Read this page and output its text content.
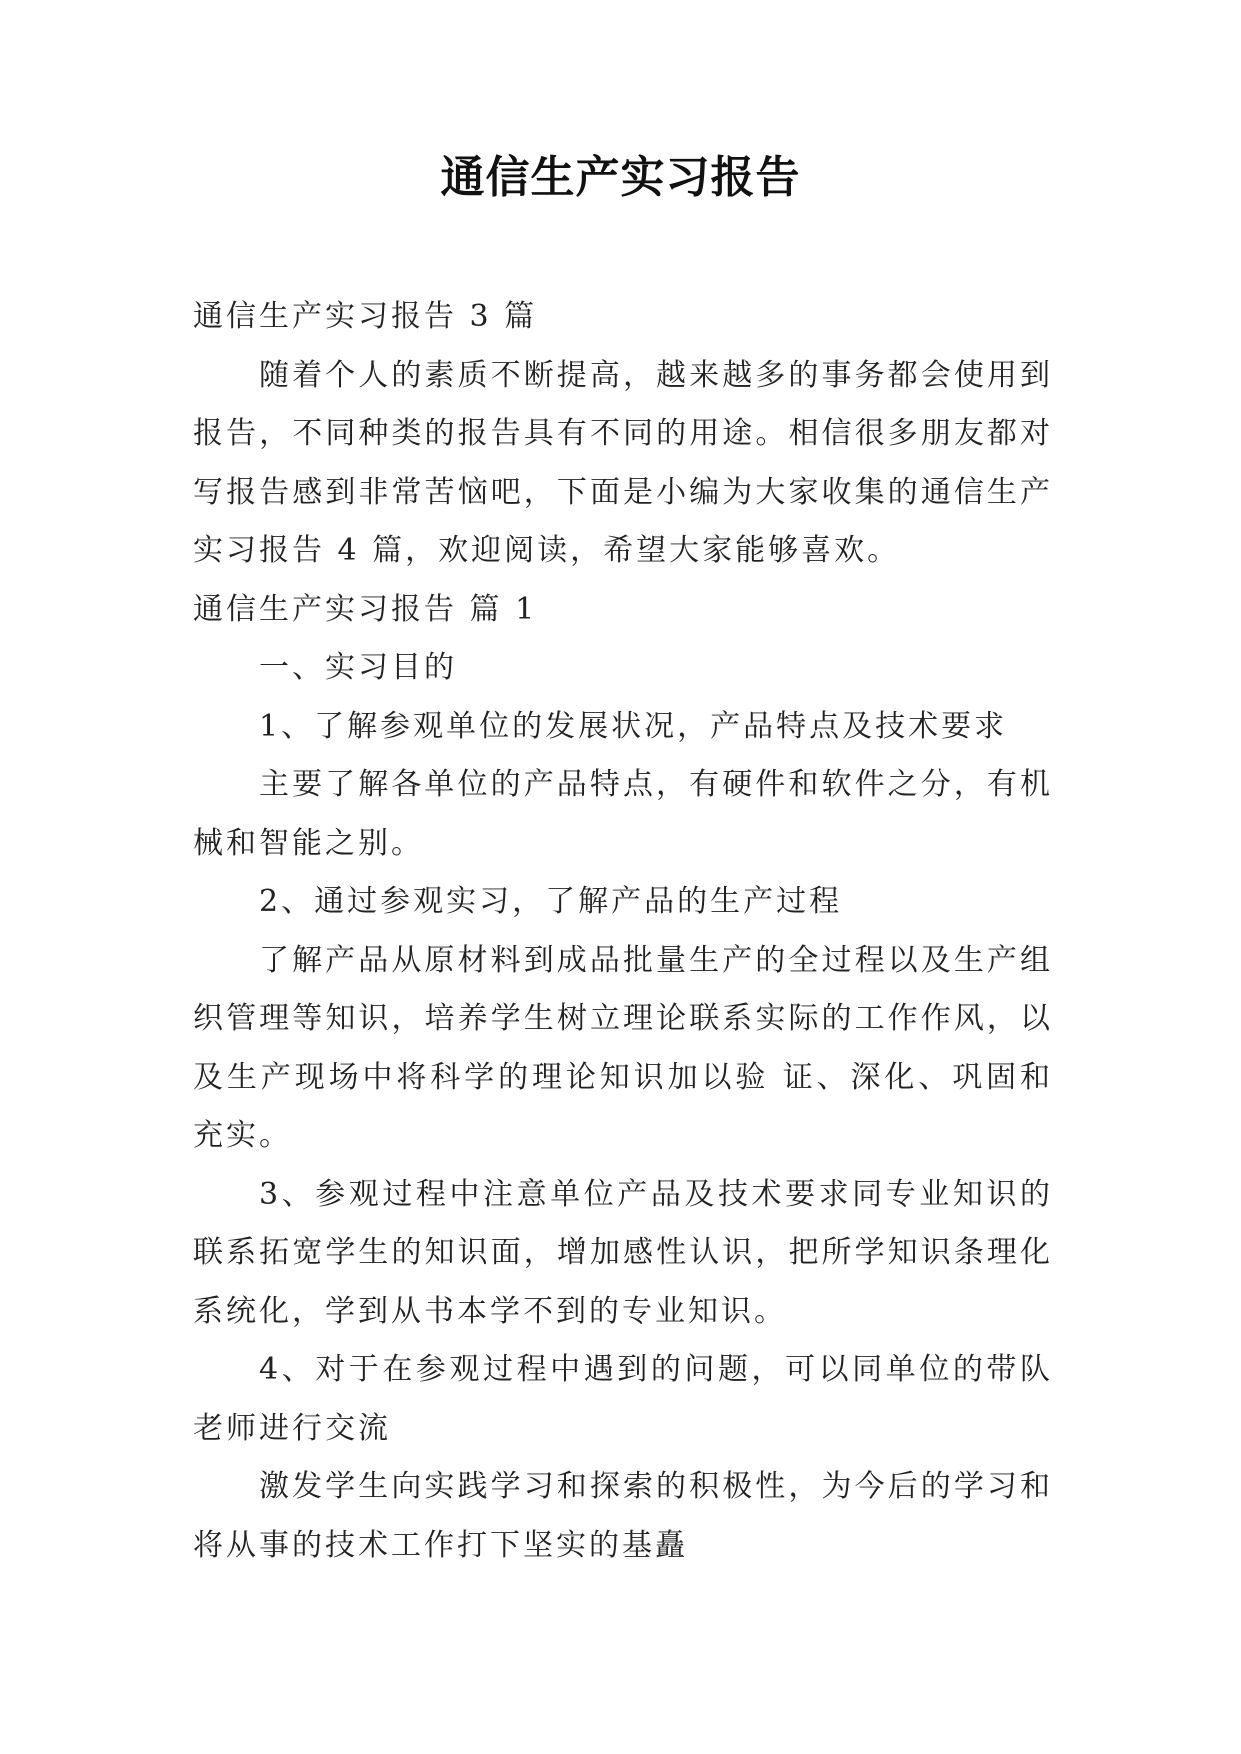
通信生产实习报告

通信生产实习报告 3 篇

随着个人的素质不断提高，越来越多的事务都会使用到报告，不同种类的报告具有不同的用途。相信很多朋友都对写报告感到非常苦恼吧，下面是小编为大家收集的通信生产实习报告 4 篇，欢迎阅读，希望大家能够喜欢。

通信生产实习报告 篇 1

一、实习目的

1、了解参观单位的发展状况，产品特点及技术要求

主要了解各单位的产品特点，有硬件和软件之分，有机械和智能之别。

2、通过参观实习，了解产品的生产过程

了解产品从原材料到成品批量生产的全过程以及生产组织管理等知识，培养学生树立理论联系实际的工作作风，以及生产现场中将科学的理论知识加以验 证、深化、巩固和充实。

3、参观过程中注意单位产品及技术要求同专业知识的联系拓宽学生的知识面，增加感性认识，把所学知识条理化系统化，学到从书本学不到的专业知识。

4、对于在参观过程中遇到的问题，可以同单位的带队老师进行交流

激发学生向实践学习和探索的积极性，为今后的学习和将从事的技术工作打下坚实的基矗
